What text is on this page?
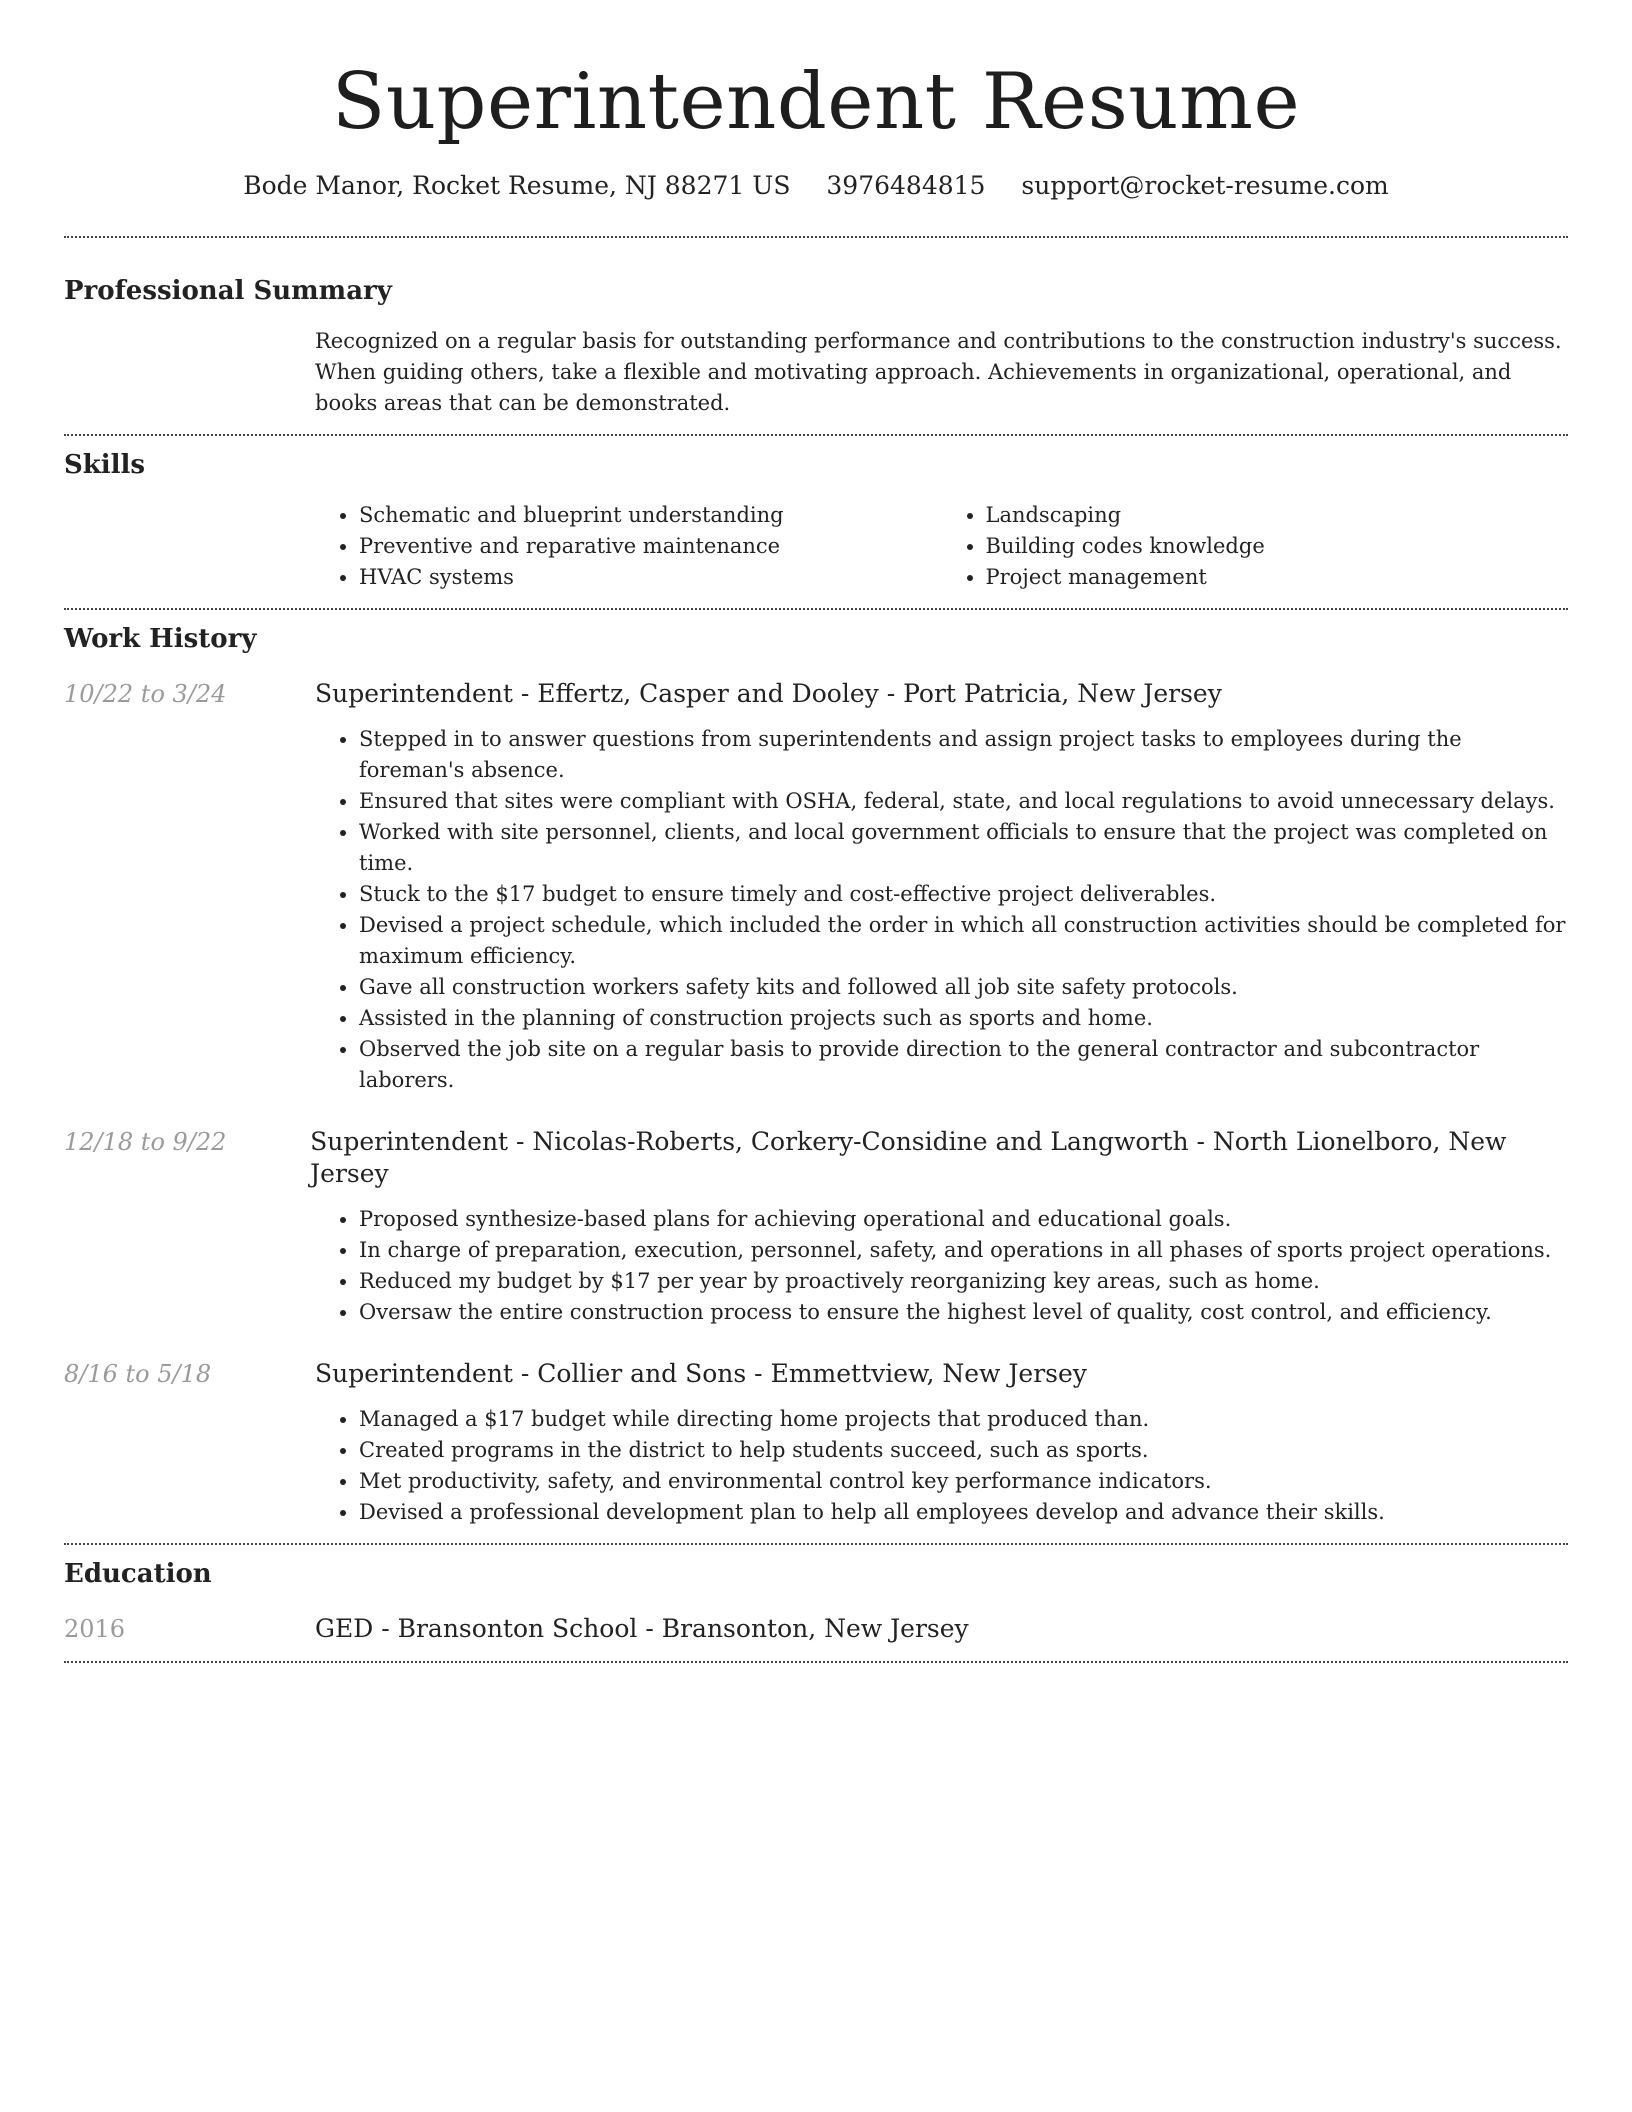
Superintendent Resume
Bode Manor, Rocket Resume, NJ 88271 US 3976484815 support@rocket-resume.com
Professional Summary
Recognized on a regular basis for outstanding performance and contributions to the construction industry's success. When guiding others, take a flexible and motivating approach. Achievements in organizational, operational, and books areas that can be demonstrated.
Skills
• Schematic and blueprint understanding
• Preventive and reparative maintenance
• HVAC systems
• Landscaping
• Building codes knowledge
• Project management
Work History
10/22 to 3/24	Superintendent - Effertz, Casper and Dooley - Port Patricia, New Jersey
• Stepped in to answer questions from superintendents and assign project tasks to employees during the foreman's absence.
• Ensured that sites were compliant with OSHA, federal, state, and local regulations to avoid unnecessary delays.
• Worked with site personnel, clients, and local government officials to ensure that the project was completed on time.
• Stuck to the $17 budget to ensure timely and cost-effective project deliverables.
• Devised a project schedule, which included the order in which all construction activities should be completed for maximum efficiency.
• Gave all construction workers safety kits and followed all job site safety protocols.
• Assisted in the planning of construction projects such as sports and home.
• Observed the job site on a regular basis to provide direction to the general contractor and subcontractor laborers.
12/18 to 9/22	Superintendent - Nicolas-Roberts, Corkery-Considine and Langworth - North Lionelboro, New Jersey
• Proposed synthesize-based plans for achieving operational and educational goals.
• In charge of preparation, execution, personnel, safety, and operations in all phases of sports project operations.
• Reduced my budget by $17 per year by proactively reorganizing key areas, such as home.
• Oversaw the entire construction process to ensure the highest level of quality, cost control, and efficiency.
8/16 to 5/18	Superintendent - Collier and Sons - Emmettview, New Jersey
• Managed a $17 budget while directing home projects that produced than.
• Created programs in the district to help students succeed, such as sports.
• Met productivity, safety, and environmental control key performance indicators.
• Devised a professional development plan to help all employees develop and advance their skills.
Education
2016	GED - Bransonton School - Bransonton, New Jersey
